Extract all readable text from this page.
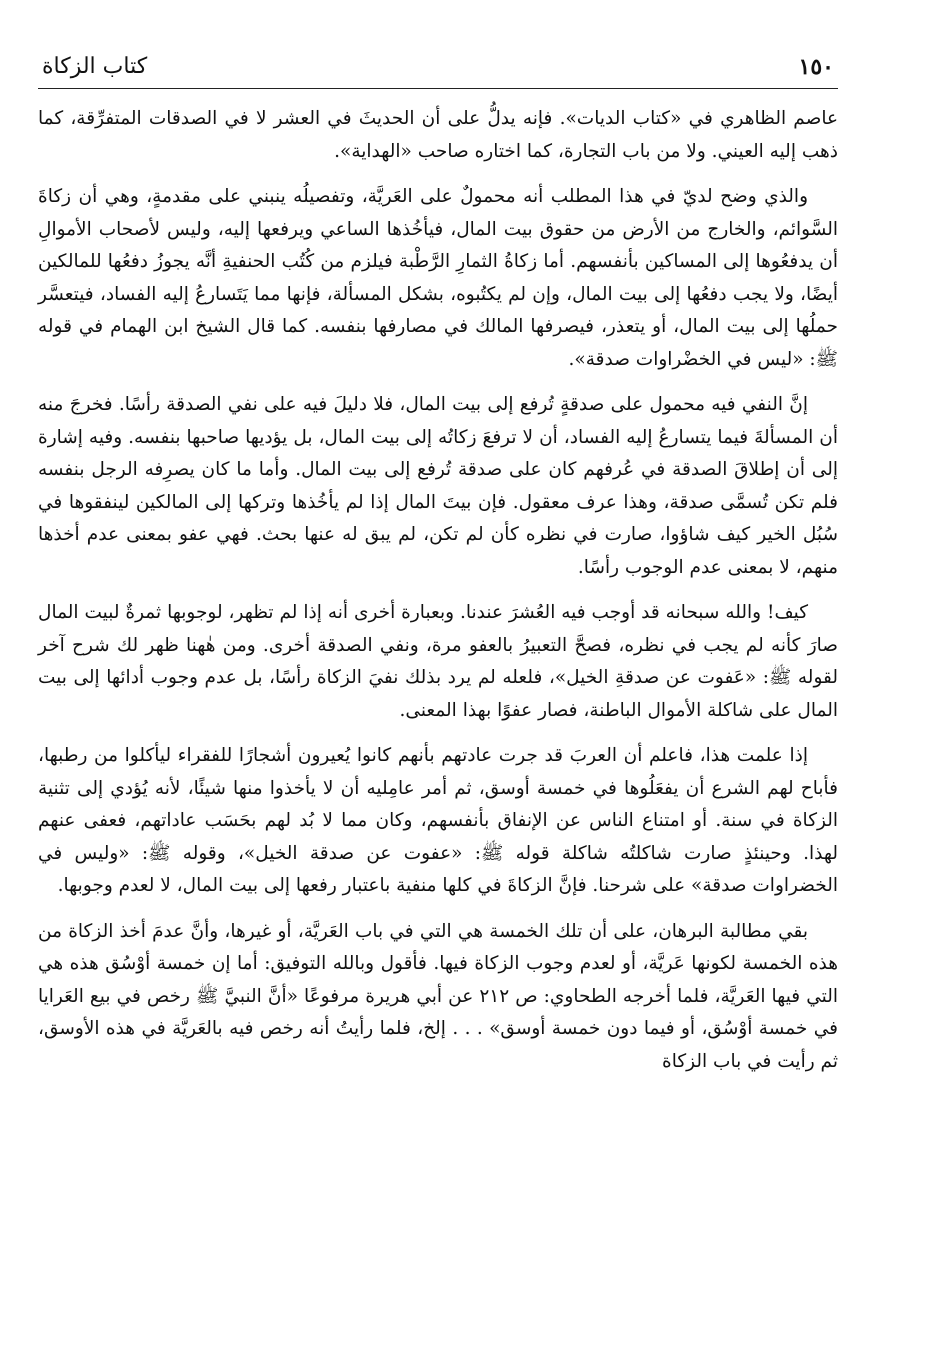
١٥٠
كتاب الزكاة

عاصم الظاهري في «كتاب الديات». فإنه يدلُّ على أن الحديثَ في العشر لا في الصدقات المتفرِّقة، كما ذهب إليه العيني. ولا من باب التجارة، كما اختاره صاحب «الهداية».

والذي وضح لديّ في هذا المطلب أنه محمولٌ على العَريَّة، وتفصيلُه ينبني على مقدمةٍ، وهي أن زكاةَ السَّوائم، والخارج من الأرض من حقوق بيت المال، فيأخُذها الساعي ويرفعها إليه، وليس لأصحاب الأموالِ أن يدفعُوها إلى المساكين بأنفسهم. أما زكاةُ الثمارِ الرَّطْبة فيلزم من كُتُب الحنفيةِ أنَّه يجوزُ دفعُها للمالكين أيضًا، ولا يجب دفعُها إلى بيت المال، وإن لم يكتُبوه، بشكل المسألة، فإنها مما يَتَسارعُ إليه الفساد، فيتعسَّر حملُها إلى بيت المال، أو يتعذر، فيصرفها المالك في مصارفها بنفسه. كما قال الشيخ ابن الهمام في قوله ﷺ: «ليس في الخضْراوات صدقة».

إنَّ النفي فيه محمول على صدقةٍ تُرفع إلى بيت المال، فلا دليلَ فيه على نفي الصدقة رأسًا. فخرجَ منه أن المسألةَ فيما يتسارعُ إليه الفساد، أن لا ترفعَ زكاتُه إلى بيت المال، بل يؤديها صاحبها بنفسه. وفيه إشارة إلى أن إطلاقَ الصدقة في عُرفهم كان على صدقة تُرفع إلى بيت المال. وأما ما كان يصرِفه الرجل بنفسه فلم تكن تُسمَّى صدقة، وهذا عرف معقول. فإن بيتَ المال إذا لم يأخُذها وتركها إلى المالكين لينفقوها في سُبُل الخير كيف شاؤوا، صارت في نظره كأن لم تكن، لم يبق له عنها بحث. فهي عفو بمعنى عدم أخذها منهم، لا بمعنى عدم الوجوب رأسًا.

كيف! والله سبحانه قد أوجب فيه العُشرَ عندنا. وبعبارة أخرى أنه إذا لم تظهر، لوجوبها ثمرةٌ لبيت المال صارَ كأنه لم يجب في نظره، فصحَّ التعبيرُ بالعفو مرة، ونفي الصدقة أخرى. ومن هٰهنا ظهر لك شرح آخر لقوله ﷺ: «عَفوت عن صدقةِ الخيل»، فلعله لم يرد بذلك نفيَ الزكاة رأسًا، بل عدم وجوب أدائها إلى بيت المال على شاكلة الأموال الباطنة، فصار عفوًا بهذا المعنى.

إذا علمت هذا، فاعلم أن العربَ قد جرت عادتهم بأنهم كانوا يُعيرون أشجارًا للفقراء ليأكلوا من رطبها، فأباح لهم الشرع أن يفعَلُوها في خمسة أوسق، ثم أمر عامِليه أن لا يأخذوا منها شيئًا، لأنه يُؤدي إلى تثنية الزكاة في سنة. أو امتناع الناس عن الإنفاق بأنفسهم، وكان مما لا بُد لهم بحَسَب عاداتهم، فعفى عنهم لهذا. وحينئذٍ صارت شاكلتُه شاكلة قوله ﷺ: «عفوت عن صدقة الخيل»، وقوله ﷺ: «وليس في الخضراوات صدقة» على شرحنا. فإنَّ الزكاةَ في كلها منفية باعتبار رفعها إلى بيت المال، لا لعدم وجوبها.

بقي مطالبة البرهان، على أن تلك الخمسة هي التي في باب العَريَّة، أو غيرها، وأنَّ عدمَ أخذ الزكاة من هذه الخمسة لكونها عَريَّة، أو لعدم وجوب الزكاة فيها. فأقول وبالله التوفيق: أما إن خمسة أوْسُق هذه هي التي فيها العَريَّة، فلما أخرجه الطحاوي: ص ٢١٢ عن أبي هريرة مرفوعًا «أنَّ النبيَّ ﷺ رخص في بيع العَرايا في خمسة أوْسُق، أو فيما دون خمسة أوسق» . . . إلخ، فلما رأيتُ أنه رخص فيه بالعَريَّة في هذه الأوسق، ثم رأيت في باب الزكاة
